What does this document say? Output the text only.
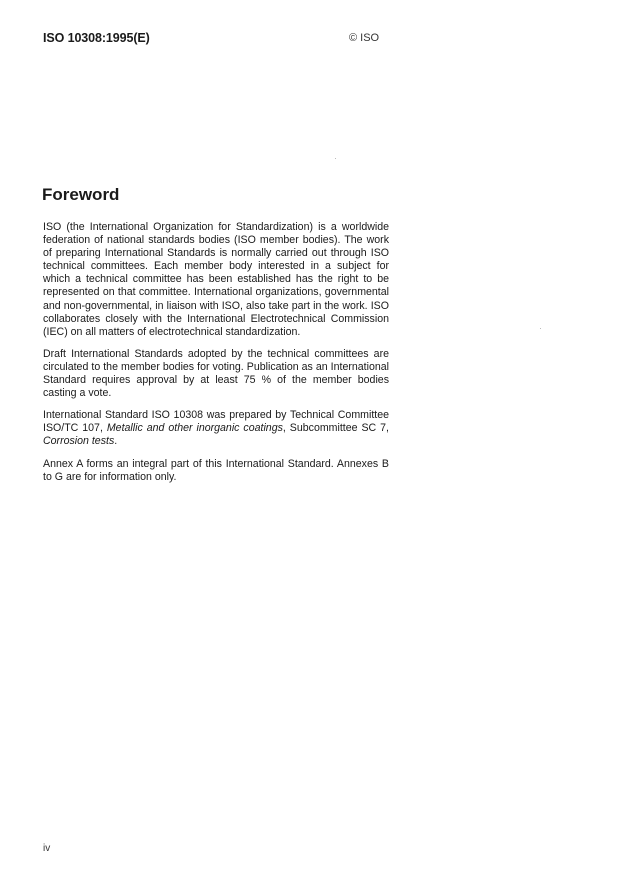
ISO 10308:1995(E)	© ISO
Foreword

ISO (the International Organization for Standardization) is a worldwide federation of national standards bodies (ISO member bodies). The work of preparing International Standards is normally carried out through ISO technical committees. Each member body interested in a subject for which a technical committee has been established has the right to be represented on that committee. International organizations, governmental and non-governmental, in liaison with ISO, also take part in the work. ISO collaborates closely with the International Electrotechnical Commission (IEC) on all matters of electrotechnical standardization.

Draft International Standards adopted by the technical committees are circulated to the member bodies for voting. Publication as an International Standard requires approval by at least 75 % of the member bodies casting a vote.

International Standard ISO 10308 was prepared by Technical Committee ISO/TC 107, Metallic and other inorganic coatings, Subcommittee SC 7, Corrosion tests.

Annex A forms an integral part of this International Standard. Annexes B to G are for information only.

iv
